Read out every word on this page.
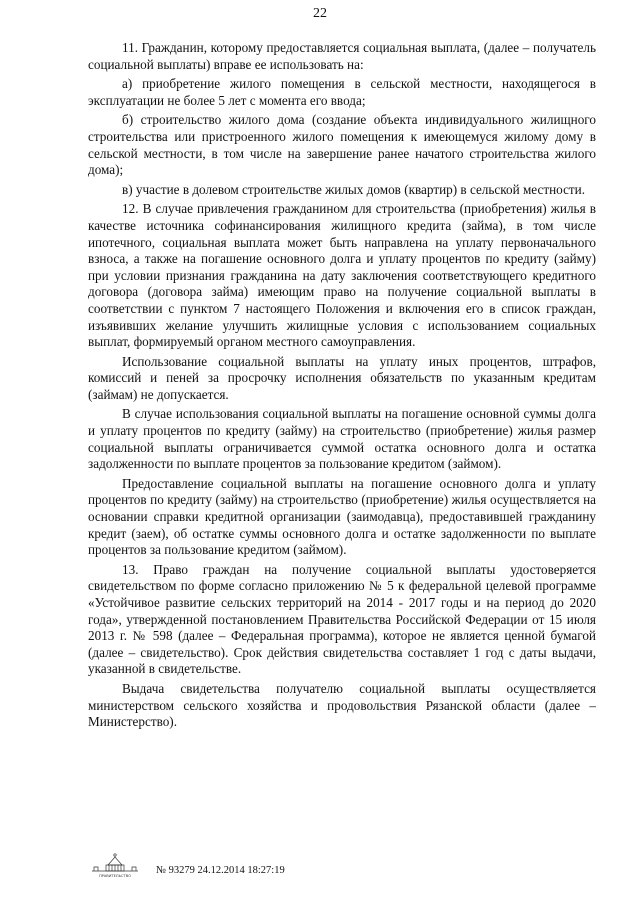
22

11. Гражданин, которому предоставляется социальная выплата, (далее – получатель социальной выплаты) вправе ее использовать на:

а) приобретение жилого помещения в сельской местности, находящегося в эксплуатации не более 5 лет с момента его ввода;

б) строительство жилого дома (создание объекта индивидуального жилищного строительства или пристроенного жилого помещения к имеющемуся жилому дому в сельской местности, в том числе на завершение ранее начатого строительства жилого дома);

в) участие в долевом строительстве жилых домов (квартир) в сельской местности.

12. В случае привлечения гражданином для строительства (приобретения) жилья в качестве источника софинансирования жилищного кредита (займа), в том числе ипотечного, социальная выплата может быть направлена на уплату первоначального взноса, а также на погашение основного долга и уплату процентов по кредиту (займу) при условии признания гражданина на дату заключения соответствующего кредитного договора (договора займа) имеющим право на получение социальной выплаты в соответствии с пунктом 7 настоящего Положения и включения его в список граждан, изъявивших желание улучшить жилищные условия с использованием социальных выплат, формируемый органом местного самоуправления.

Использование социальной выплаты на уплату иных процентов, штрафов, комиссий и пеней за просрочку исполнения обязательств по указанным кредитам (займам) не допускается.

В случае использования социальной выплаты на погашение основной суммы долга и уплату процентов по кредиту (займу) на строительство (приобретение) жилья размер социальной выплаты ограничивается суммой остатка основного долга и остатка задолженности по выплате процентов за пользование кредитом (займом).

Предоставление социальной выплаты на погашение основного долга и уплату процентов по кредиту (займу) на строительство (приобретение) жилья осуществляется на основании справки кредитной организации (заимодавца), предоставившей гражданину кредит (заем), об остатке суммы основного долга и остатке задолженности по выплате процентов за пользование кредитом (займом).

13. Право граждан на получение социальной выплаты удостоверяется свидетельством по форме согласно приложению № 5 к федеральной целевой программе «Устойчивое развитие сельских территорий на 2014 - 2017 годы и на период до 2020 года», утвержденной постановлением Правительства Российской Федерации от 15 июля 2013 г. № 598 (далее – Федеральная программа), которое не является ценной бумагой (далее – свидетельство). Срок действия свидетельства составляет 1 год с даты выдачи, указанной в свидетельстве.

Выдача свидетельства получателю социальной выплаты осуществляется министерством сельского хозяйства и продовольствия Рязанской области (далее – Министерство).

ПРАВИТЕЛЬСТВО	№ 93279 24.12.2014 18:27:19
